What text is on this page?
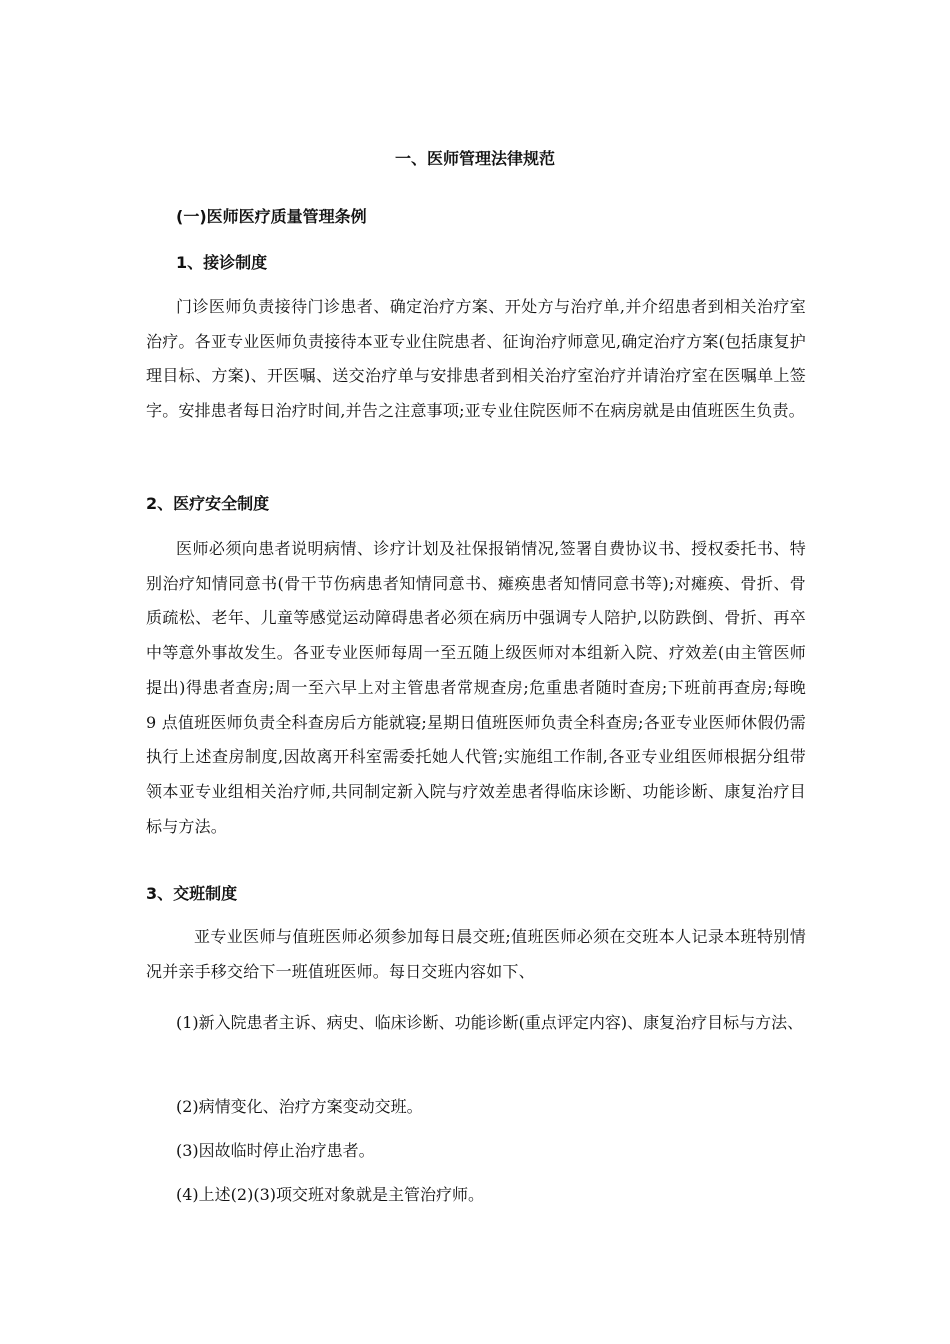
一、医师管理法律规范
(一)医师医疗质量管理条例
1、接诊制度
门诊医师负责接待门诊患者、确定治疗方案、开处方与治疗单,并介绍患者到相关治疗室治疗。各亚专业医师负责接待本亚专业住院患者、征询治疗师意见,确定治疗方案(包括康复护理目标、方案)、开医嘱、送交治疗单与安排患者到相关治疗室治疗并请治疗室在医嘱单上签字。安排患者每日治疗时间,并告之注意事项;亚专业住院医师不在病房就是由值班医生负责。
2、医疗安全制度
医师必须向患者说明病情、诊疗计划及社保报销情况,签署自费协议书、授权委托书、特别治疗知情同意书(骨干节伤病患者知情同意书、瘫痪患者知情同意书等);对瘫痪、骨折、骨质疏松、老年、儿童等感觉运动障碍患者必须在病历中强调专人陪护,以防跌倒、骨折、再卒中等意外事故发生。各亚专业医师每周一至五随上级医师对本组新入院、疗效差(由主管医师提出)得患者查房;周一至六早上对主管患者常规查房;危重患者随时查房;下班前再查房;每晚 9 点值班医师负责全科查房后方能就寝;星期日值班医师负责全科查房;各亚专业医师休假仍需执行上述查房制度,因故离开科室需委托她人代管;实施组工作制,各亚专业组医师根据分组带领本亚专业组相关治疗师,共同制定新入院与疗效差患者得临床诊断、功能诊断、康复治疗目标与方法。
3、交班制度
亚专业医师与值班医师必须参加每日晨交班;值班医师必须在交班本人记录本班特别情况并亲手移交给下一班值班医师。每日交班内容如下、
(1)新入院患者主诉、病史、临床诊断、功能诊断(重点评定内容)、康复治疗目标与方法、
(2)病情变化、治疗方案变动交班。
(3)因故临时停止治疗患者。
(4)上述(2)(3)项交班对象就是主管治疗师。
